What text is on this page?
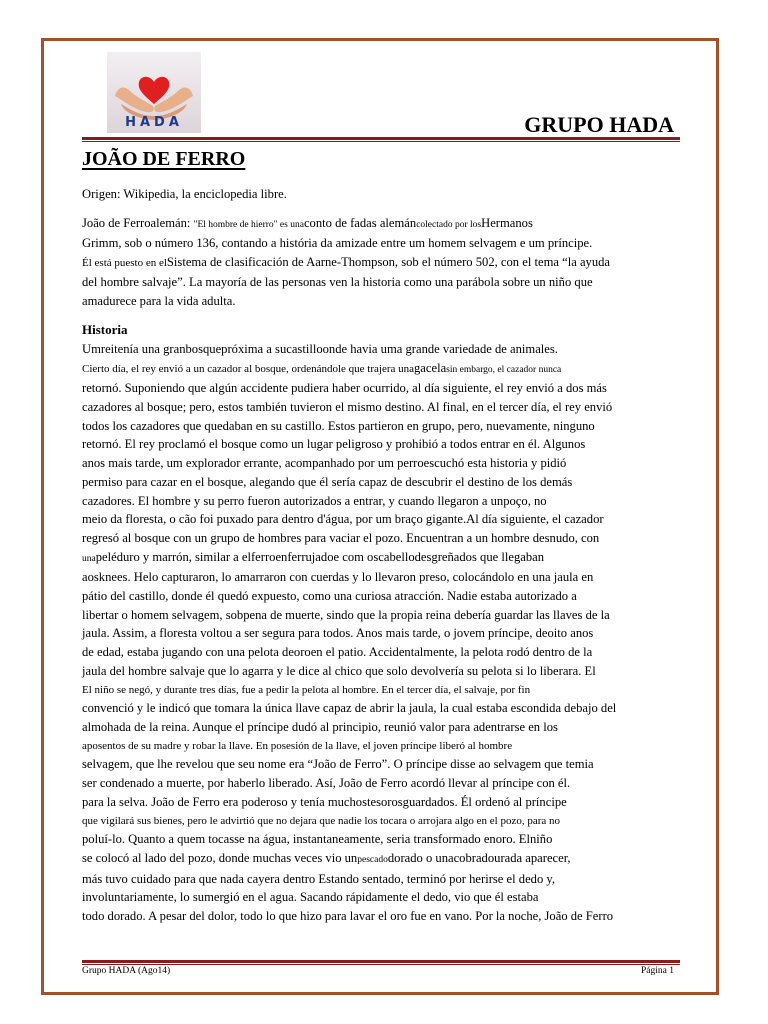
HADA	GRUPO HADA
JOÃO DE FERRO

Origen: Wikipedia, la enciclopedia libre.

João de Ferroalemán: "El hombre de hierro" es unaconto de fadas alemáncolectado por losHermanos
Grimm, sob o número 136, contando a história da amizade entre um homem selvagem e um príncipe.
Él está puesto en elSistema de clasificación de Aarne-Thompson, sob el número 502, con el tema “la ayuda
del hombre salvaje”. La mayoría de las personas ven la historia como una parábola sobre un niño que
amadurece para la vida adulta.

Historia

Umreitenía una granbosquepróxima a sucastilloonde havia uma grande variedade de animales.
Cierto día, el rey envió a un cazador al bosque, ordenándole que trajera unagacelasin embargo, el cazador nunca
retornó. Suponiendo que algún accidente pudiera haber ocurrido, al día siguiente, el rey envió a dos más
cazadores al bosque; pero, estos también tuvieron el mismo destino. Al final, en el tercer día, el rey envió
todos los cazadores que quedaban en su castillo. Estos partieron en grupo, pero, nuevamente, ninguno
retornó. El rey proclamó el bosque como un lugar peligroso y prohibió a todos entrar en él. Algunos
anos mais tarde, um explorador errante, acompanhado por um perroescuchó esta historia y pidió
permiso para cazar en el bosque, alegando que él sería capaz de descubrir el destino de los demás
cazadores. El hombre y su perro fueron autorizados a entrar, y cuando llegaron a unpoço, no
meio da floresta, o cão foi puxado para dentro d'água, por um braço gigante.Al día siguiente, el cazador
regresó al bosque con un grupo de hombres para vaciar el pozo. Encuentran a un hombre desnudo, con
unapeléduro y marrón, similar a elferroenferrujadoe com oscabellodesgreñados que llegaban
aosknees. Helo capturaron, lo amarraron con cuerdas y lo llevaron preso, colocándolo en una jaula en
pátio del castillo, donde él quedó expuesto, como una curiosa atracción. Nadie estaba autorizado a
libertar o homem selvagem, sobpena de muerte, sindo que la propia reina debería guardar las llaves de la
jaula. Assim, a floresta voltou a ser segura para todos. Anos mais tarde, o jovem príncipe, deoito anos
de edad, estaba jugando con una pelota deoroen el patio. Accidentalmente, la pelota rodó dentro de la
jaula del hombre salvaje que lo agarra y le dice al chico que solo devolvería su pelota si lo liberara. El
El niño se negó, y durante tres días, fue a pedir la pelota al hombre. En el tercer día, el salvaje, por fin
convenció y le indicó que tomara la única llave capaz de abrir la jaula, la cual estaba escondida debajo del
almohada de la reina. Aunque el príncipe dudó al principio, reunió valor para adentrarse en los
aposentos de su madre y robar la llave. En posesión de la llave, el joven príncipe liberó al hombre
selvagem, que lhe revelou que seu nome era “João de Ferro”. O príncipe disse ao selvagem que temia
ser condenado a muerte, por haberlo liberado. Así, João de Ferro acordó llevar al príncipe con él.
para la selva. João de Ferro era poderoso y tenía muchostesorosguardados. Él ordenó al príncipe
que vigilará sus bienes, pero le advirtió que no dejara que nadie los tocara o arrojara algo en el pozo, para no
poluí-lo. Quanto a quem tocasse na água, instantaneamente, seria transformado enoro. Elniño
se colocó al lado del pozo, donde muchas veces vio unpescadodorado o unacobradourada aparecer,
más tuvo cuidado para que nada cayera dentro Estando sentado, terminó por herirse el dedo y,
involuntariamente, lo sumergió en el agua. Sacando rápidamente el dedo, vio que él estaba
todo dorado. A pesar del dolor, todo lo que hizo para lavar el oro fue en vano. Por la noche, João de Ferro

Grupo HADA (Ago14)	Página 1
